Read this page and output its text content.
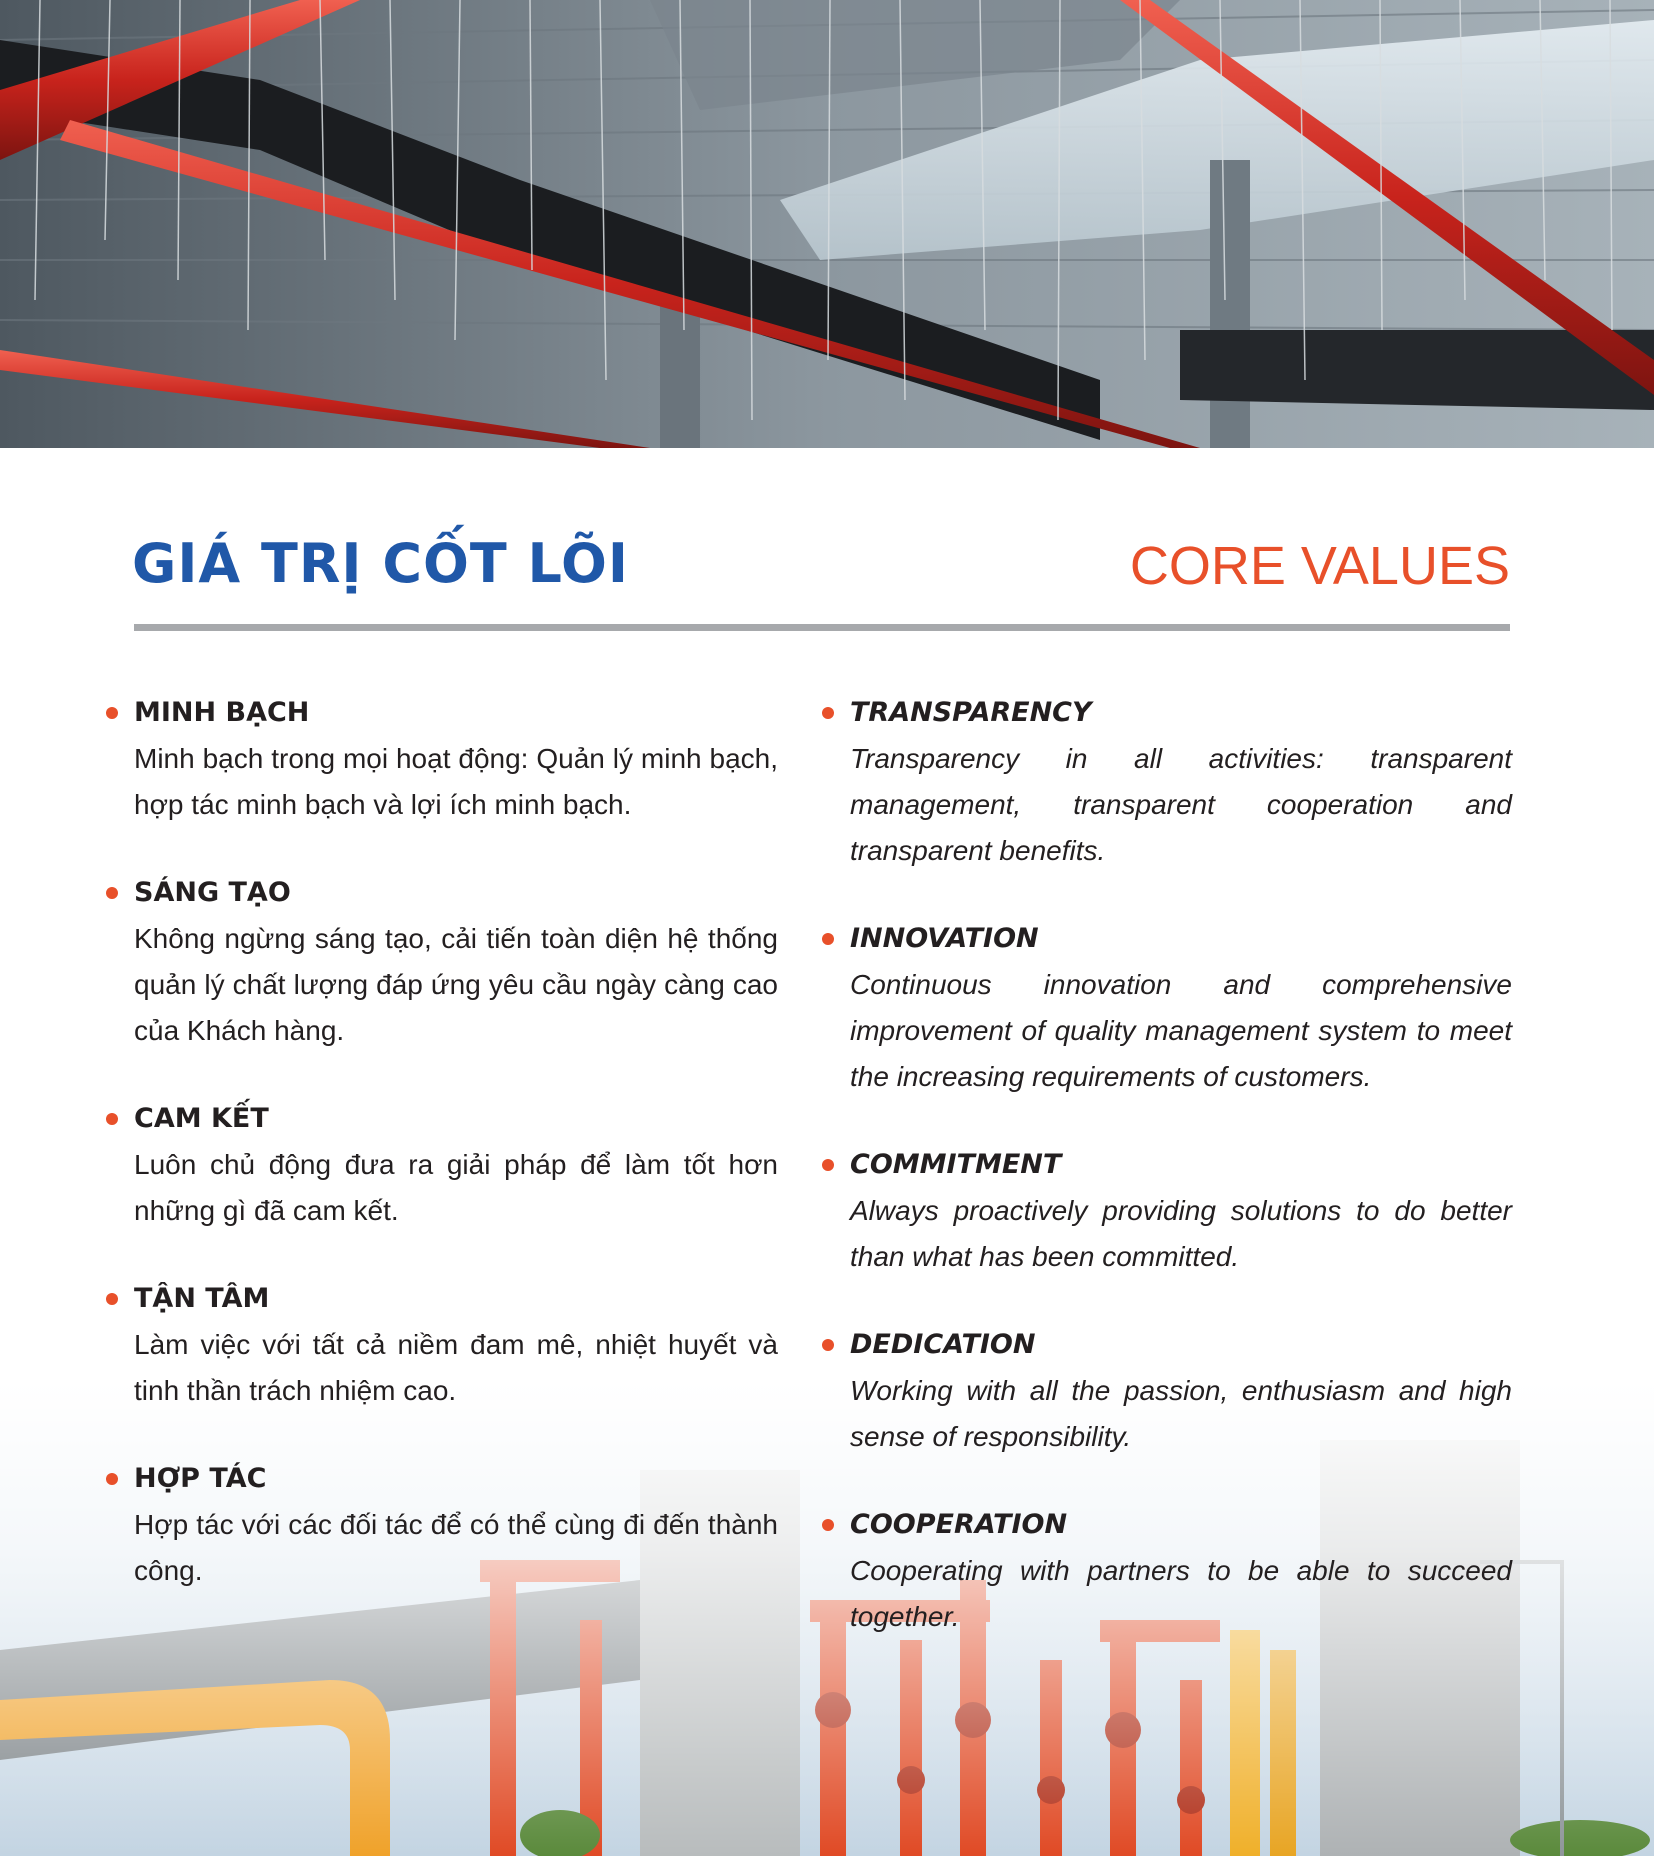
GIÁ TRỊ CỐT LÕI	CORE VALUES
MINH BẠCH

Minh bạch trong mọi hoạt động: Quản lý minh bạch, hợp tác minh bạch và lợi ích minh bạch.

SÁNG TẠO

Không ngừng sáng tạo, cải tiến toàn diện hệ thống quản lý chất lượng đáp ứng yêu cầu ngày càng cao của Khách hàng.

CAM KẾT

Luôn chủ động đưa ra giải pháp để làm tốt hơn những gì đã cam kết.

TẬN TÂM

Làm việc với tất cả niềm đam mê, nhiệt huyết và tinh thần trách nhiệm cao.

HỢP TÁC

Hợp tác với các đối tác để có thể cùng đi đến thành công.

TRANSPARENCY

Transparency in all activities: transparent management, transparent cooperation and transparent benefits.

INNOVATION

Continuous innovation and comprehensive improvement of quality management system to meet the increasing requirements of customers.

COMMITMENT

Always proactively providing solutions to do better than what has been committed.

DEDICATION

Working with all the passion, enthusiasm and high sense of responsibility.

COOPERATION

Cooperating with partners to be able to succeed together.
